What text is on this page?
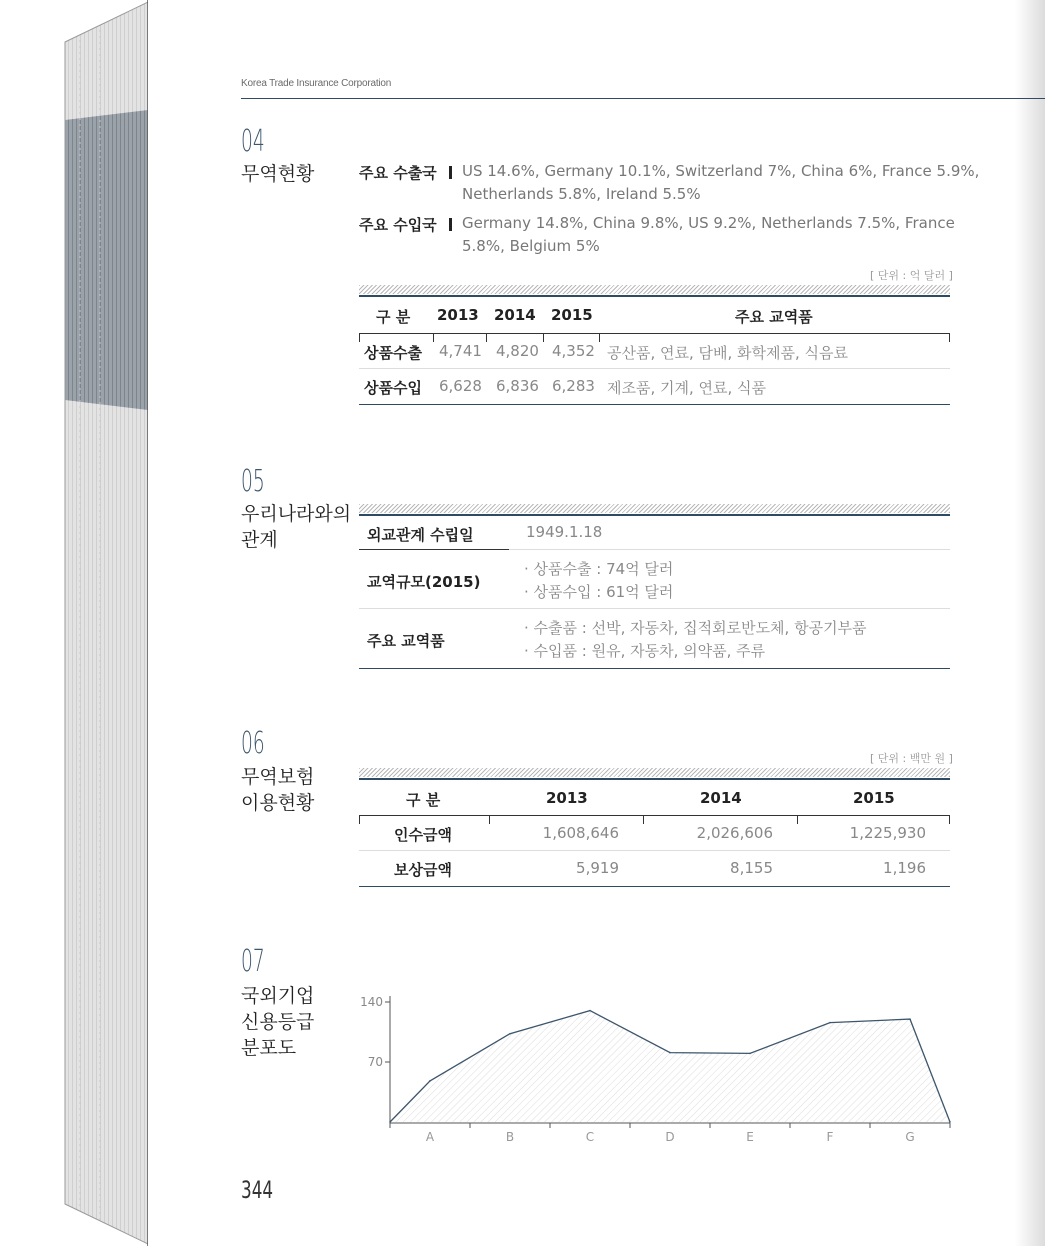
Korea Trade Insurance Corporation
04
무역현황	주요 수출국 US 14.6%, Germany 10.1%, Switzerland 7%, China 6%, France 5.9%,
Netherlands 5.8%, Ireland 5.5%
주요 수입국 Germany 14.8%, China 9.8%, US 9.2%, Netherlands 7.5%, France
5.8%, Belgium 5%
[ 단위 : 억 달러 ]
구 분 2013 2014 2015	주요 교역품
상품수출 4,741 4,820 4,352 공산품, 연료, 담배, 화학제품, 식음료
상품수입 6,628 6,836 6,283 제조품, 기계, 연료, 식품
05
우리나라와의
관계	외교관계 수립일	1949.1.18
교역규모(2015)
· 상품수출 : 74억 달러
· 상품수입 : 61억 달러
주요 교역품
· 수출품 : 선박, 자동차, 집적회로반도체, 항공기부품
· 수입품 : 원유, 자동차, 의약품, 주류
06
무역보험
이용현황
[ 단위 : 백만 원 ]
구 분	2013	2014	2015
인수금액	1,608,646	2,026,606	1,225,930
보상금액	5,919	8,155	1,196
07
국외기업
신용등급
분포도
344
70
140
A	B	C	D	E	F	G
